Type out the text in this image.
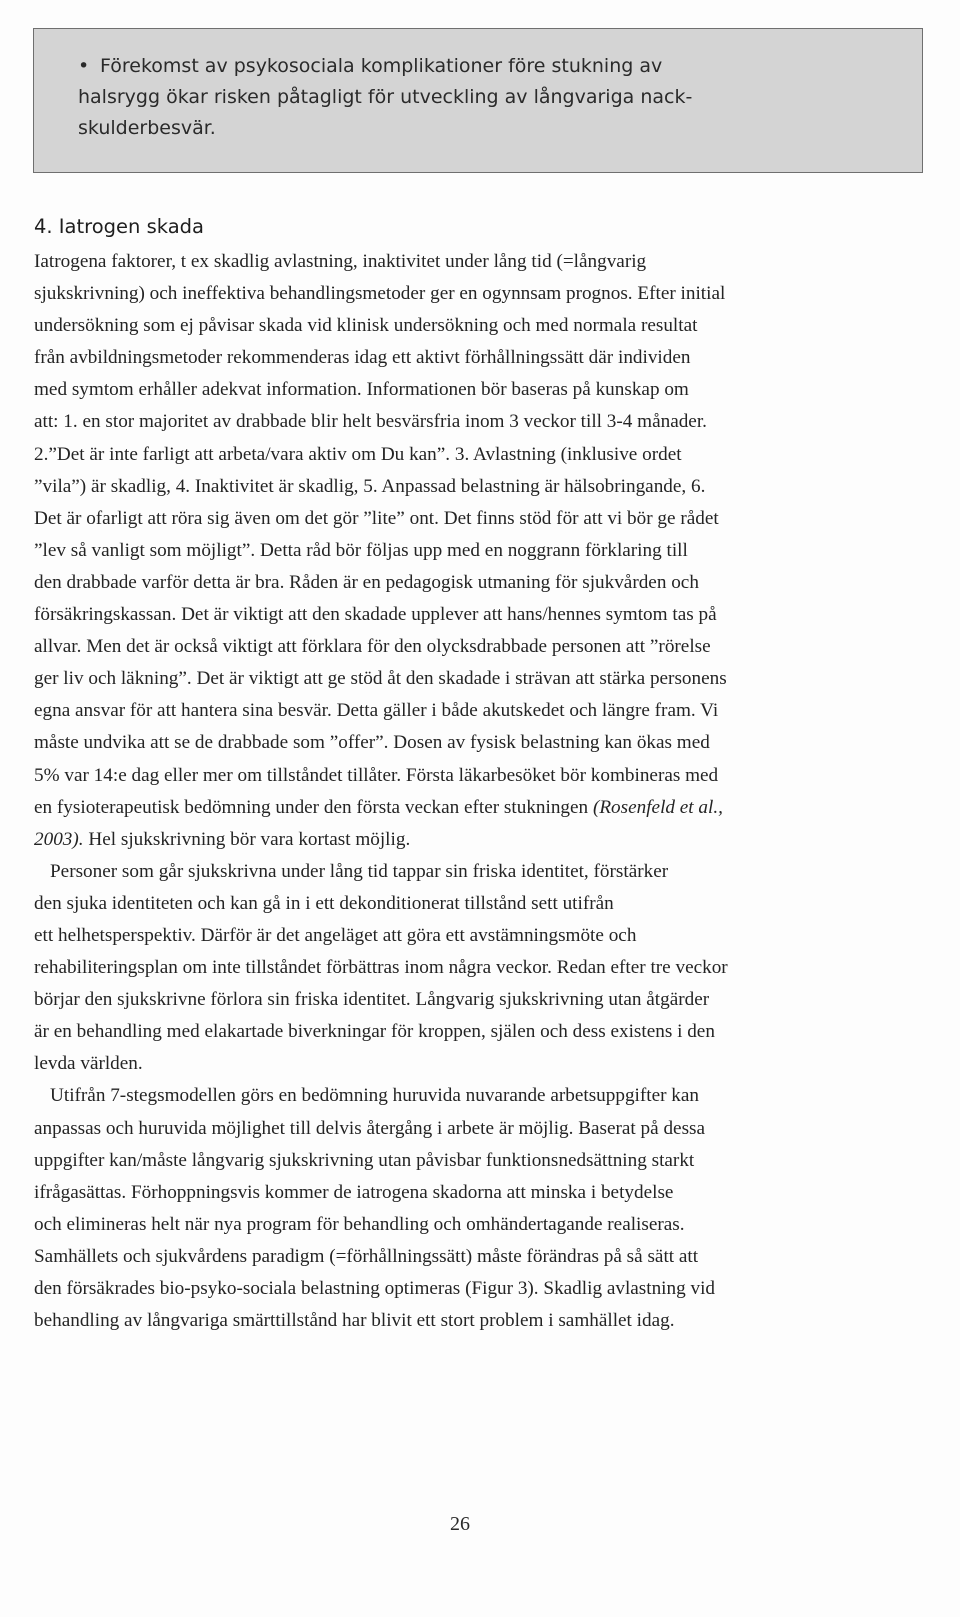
• Förekomst av psykosociala komplikationer före stukning av
halsrygg ökar risken påtagligt för utveckling av långvariga nack-
skulderbesvär.
4. Iatrogen skada
Iatrogena faktorer, t ex skadlig avlastning, inaktivitet under lång tid (=långvarig
sjukskrivning) och ineffektiva behandlingsmetoder ger en ogynnsam prognos. Efter initial
undersökning som ej påvisar skada vid klinisk undersökning och med normala resultat
från avbildningsmetoder rekommenderas idag ett aktivt förhållningssätt där individen
med symtom erhåller adekvat information. Informationen bör baseras på kunskap om
att: 1. en stor majoritet av drabbade blir helt besvärsfria inom 3 veckor till 3-4 månader.
2.”Det är inte farligt att arbeta/vara aktiv om Du kan”. 3. Avlastning (inklusive ordet
”vila”) är skadlig, 4. Inaktivitet är skadlig, 5. Anpassad belastning är hälsobringande, 6.
Det är ofarligt att röra sig även om det gör ”lite” ont. Det finns stöd för att vi bör ge rådet
”lev så vanligt som möjligt”. Detta råd bör följas upp med en noggrann förklaring till
den drabbade varför detta är bra. Råden är en pedagogisk utmaning för sjukvården och
försäkringskassan. Det är viktigt att den skadade upplever att hans/hennes symtom tas på
allvar. Men det är också viktigt att förklara för den olycksdrabbade personen att ”rörelse
ger liv och läkning”. Det är viktigt att ge stöd åt den skadade i strävan att stärka personens
egna ansvar för att hantera sina besvär. Detta gäller i både akutskedet och längre fram. Vi
måste undvika att se de drabbade som ”offer”. Dosen av fysisk belastning kan ökas med
5% var 14:e dag eller mer om tillståndet tillåter. Första läkarbesöket bör kombineras med
en fysioterapeutisk bedömning under den första veckan efter stukningen (Rosenfeld et al.,
2003). Hel sjukskrivning bör vara kortast möjlig.
Personer som går sjukskrivna under lång tid tappar sin friska identitet, förstärker
den sjuka identiteten och kan gå in i ett dekonditionerat tillstånd sett utifrån
ett helhetsperspektiv. Därför är det angeläget att göra ett avstämningsmöte och
rehabiliteringsplan om inte tillståndet förbättras inom några veckor. Redan efter tre veckor
börjar den sjukskrivne förlora sin friska identitet. Långvarig sjukskrivning utan åtgärder
är en behandling med elakartade biverkningar för kroppen, själen och dess existens i den
levda världen.
Utifrån 7-stegsmodellen görs en bedömning huruvida nuvarande arbetsuppgifter kan
anpassas och huruvida möjlighet till delvis återgång i arbete är möjlig. Baserat på dessa
uppgifter kan/måste långvarig sjukskrivning utan påvisbar funktionsnedsättning starkt
ifrågasättas. Förhoppningsvis kommer de iatrogena skadorna att minska i betydelse
och elimineras helt när nya program för behandling och omhändertagande realiseras.
Samhällets och sjukvårdens paradigm (=förhållningssätt) måste förändras på så sätt att
den försäkrades bio-psyko-sociala belastning optimeras (Figur 3). Skadlig avlastning vid
behandling av långvariga smärttillstånd har blivit ett stort problem i samhället idag.
26
